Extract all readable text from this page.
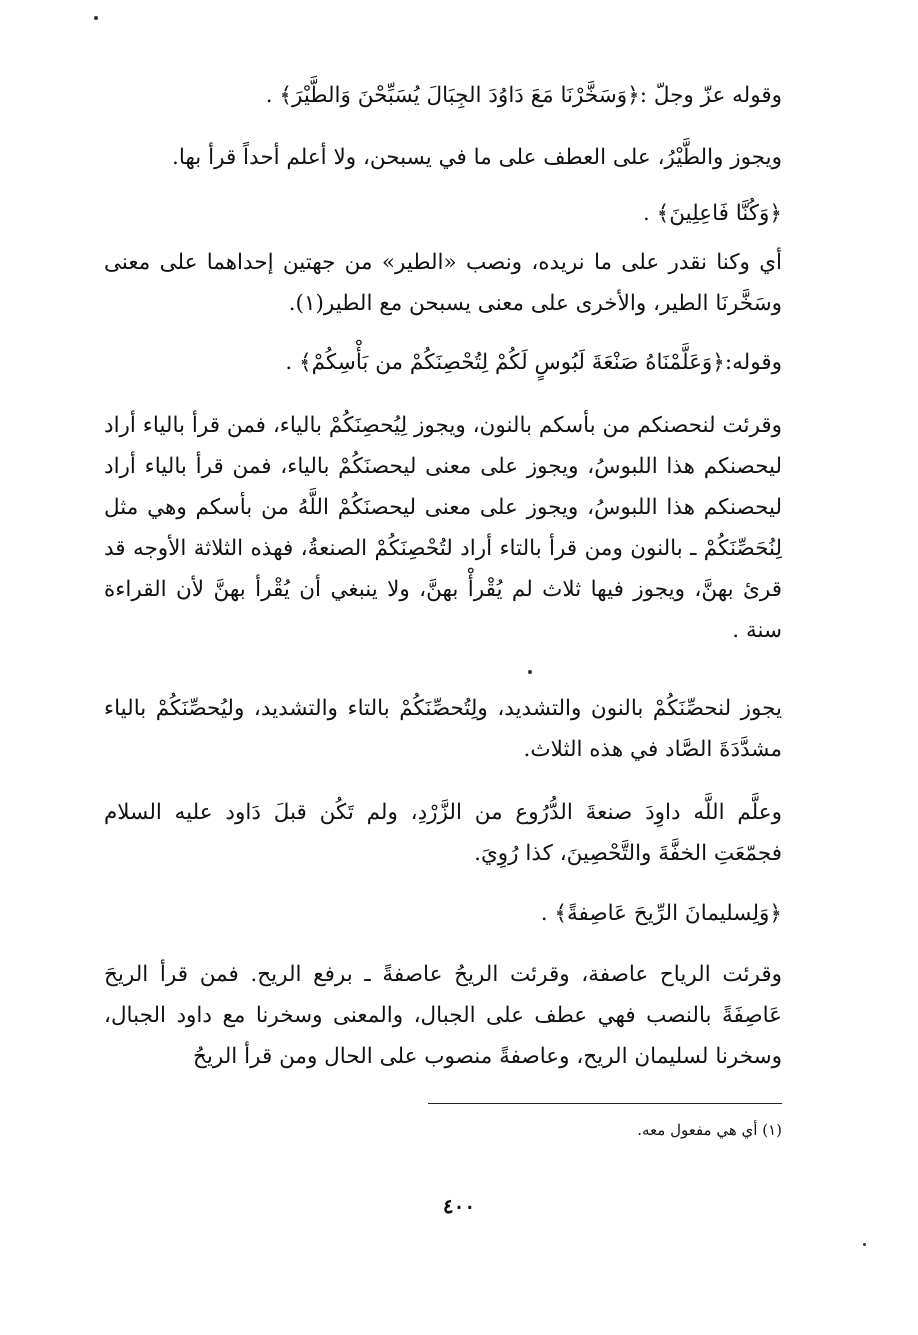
وقوله عزّ وجلّ :﴿وَسَخَّرْنَا مَعَ دَاوُدَ الجِبَالَ يُسَبِّحْنَ وَالطَّيْرَ﴾ .

ويجوز والطَّيْرُ، على العطف على ما في يسبحن، ولا أعلم أحداً قرأ بها.

﴿وَكُنَّا فَاعِلِينَ﴾ .

أي وكنا نقدر على ما نريده، ونصب «الطير» من جهتين إحداهما على معنى وسَخَّرنَا الطير، والأخرى على معنى يسبحن مع الطير(١).

وقوله:﴿وَعَلَّمْنَاهُ صَنْعَةَ لَبُوسٍ لَكُمْ لِتُحْصِنَكُمْ من بَأْسِكُمْ﴾ .

وقرئت لنحصنكم من بأسكم بالنون، ويجوز لِيُحصِنَكُمْ بالياء، فمن قرأ بالياء أراد ليحصنكم هذا اللبوسُ، ويجوز على معنى ليحصنَكُمْ بالياء، فمن قرأ بالياء أراد ليحصنكم هذا اللبوسُ، ويجوز على معنى ليحصنَكُمْ اللَّهُ من بأسكم وهي مثل لِنُحَصِّنَكُمْ ـ بالنون ومن قرأ بالتاء أراد لتُحْصِنَكُمْ الصنعةُ، فهذه الثلاثة الأوجه قد قرئ بهنَّ، ويجوز فيها ثلاث لم يُقْرأْ بهنَّ، ولا ينبغي أن يُقْرأ بهنَّ لأن القراءة سنة .

يجوز لنحصِّنَكُمْ بالنون والتشديد، ولِتُحصِّنَكُمْ بالتاء والتشديد، وليُحصِّنَكُمْ بالياء مشدَّدَةَ الصَّاد في هذه الثلاث.

وعلَّم اللَّه داوِدَ صنعةَ الدُّرُوع من الزَّرْدِ، ولم تَكُن قبلَ دَاود عليه السلام فجمّعَتِ الخفَّةَ والتَّحْصِينَ، كذا رُوِيَ.

﴿وَلِسليمانَ الرِّيحَ عَاصِفةً﴾ .

وقرئت الرياح عاصفة، وقرئت الريحُ عاصفةً ـ برفع الريح. فمن قرأ الريحَ عَاصِفَةً بالنصب فهي عطف على الجبال، والمعنى وسخرنا مع داود الجبال، وسخرنا لسليمان الريح، وعاصفةً منصوب على الحال ومن قرأ الريحُ

(١) أي هي مفعول معه.

٤٠٠
